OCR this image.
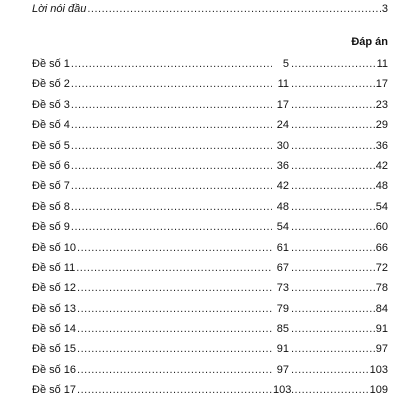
Lời nói đầu .....	3
Đáp án
Đề số 1 .....	5 .....	11
Đề số 2 .....	11 .....	17
Đề số 3 .....	17 .....	23
Đề số 4 .....	24 .....	29
Đề số 5 .....	30 .....	36
Đề số 6 .....	36 .....	42
Đề số 7 .....	42 .....	48
Đề số 8 .....	48 .....	54
Đề số 9 .....	54 .....	60
Đề số 10 .....	61 .....	66
Đề số 11 .....	67 .....	72
Đề số 12 .....	73 .....	78
Đề số 13 .....	79 .....	84
Đề số 14 .....	85 .....	91
Đề số 15 .....	91 .....	97
Đề số 16 .....	97 .....	103
Đề số 17 .....	103 .....	109
